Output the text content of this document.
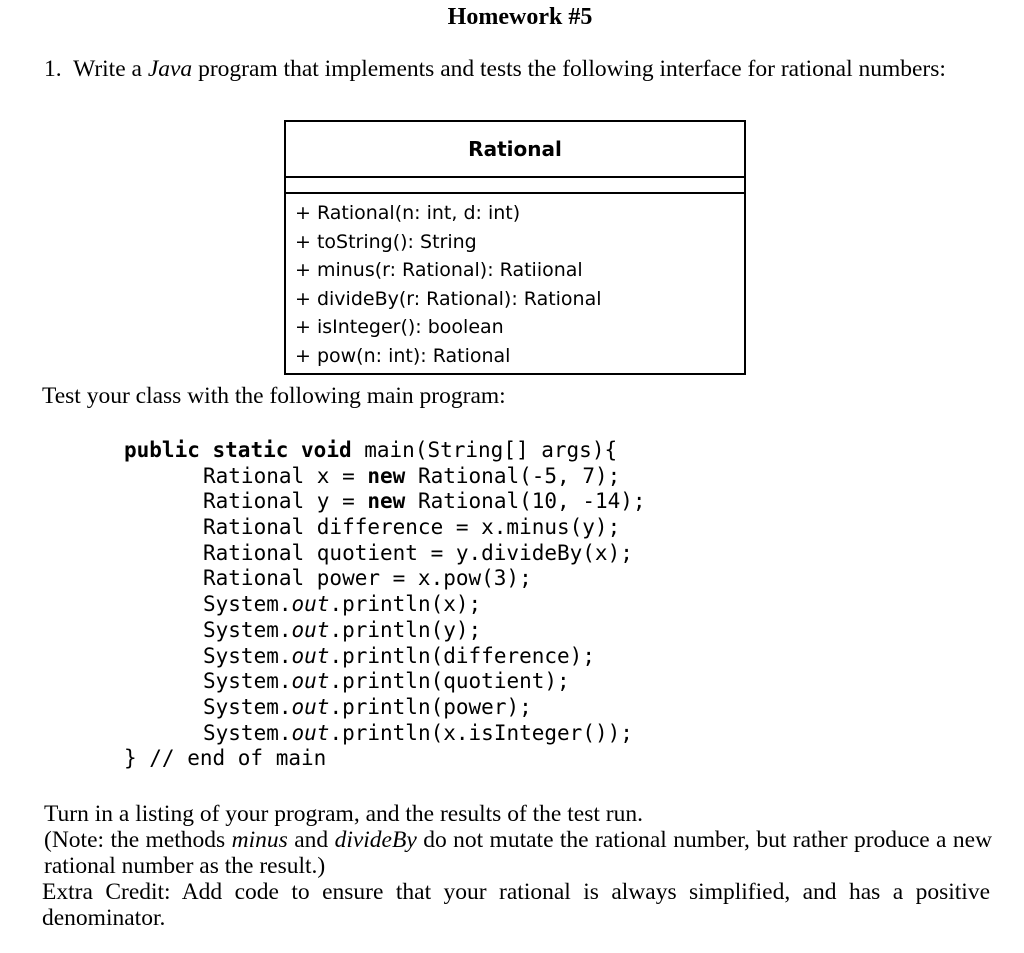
Homework #5
1. Write a Java program that implements and tests the following interface for rational numbers:
Rational
+ Rational(n: int, d: int)
+ toString(): String
+ minus(r: Rational): Ratiional
+ divideBy(r: Rational): Rational
+ isInteger(): boolean
+ pow(n: int): Rational
Test your class with the following main program:
public static void main(String[] args){
Rational x = new Rational(-5, 7);
Rational y = new Rational(10, -14);
Rational difference = x.minus(y);
Rational quotient = y.divideBy(x);
Rational power = x.pow(3);
System.out.println(x);
System.out.println(y);
System.out.println(difference);
System.out.println(quotient);
System.out.println(power);
System.out.println(x.isInteger());
} // end of main
Turn in a listing of your program, and the results of the test run.
(Note: the methods minus and divideBy do not mutate the rational number, but rather produce a new rational number as the result.)
Extra Credit: Add code to ensure that your rational is always simplified, and has a positive denominator.
